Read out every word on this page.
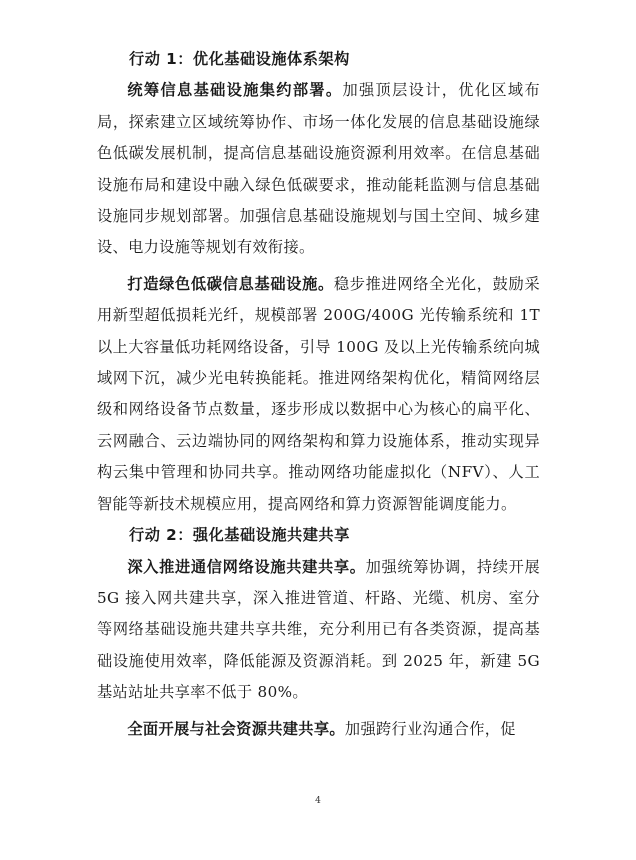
行动 1：优化基础设施体系架构

统筹信息基础设施集约部署。加强顶层设计，优化区域布局，探索建立区域统筹协作、市场一体化发展的信息基础设施绿色低碳发展机制，提高信息基础设施资源利用效率。在信息基础设施布局和建设中融入绿色低碳要求，推动能耗监测与信息基础设施同步规划部署。加强信息基础设施规划与国土空间、城乡建设、电力设施等规划有效衔接。

打造绿色低碳信息基础设施。稳步推进网络全光化，鼓励采用新型超低损耗光纤，规模部署 200G/400G 光传输系统和 1T 以上大容量低功耗网络设备，引导 100G 及以上光传输系统向城域网下沉，减少光电转换能耗。推进网络架构优化，精简网络层级和网络设备节点数量，逐步形成以数据中心为核心的扁平化、云网融合、云边端协同的网络架构和算力设施体系，推动实现异构云集中管理和协同共享。推动网络功能虚拟化（NFV）、人工智能等新技术规模应用，提高网络和算力资源智能调度能力。

行动 2：强化基础设施共建共享

深入推进通信网络设施共建共享。加强统筹协调，持续开展 5G 接入网共建共享，深入推进管道、杆路、光缆、机房、室分等网络基础设施共建共享共维，充分利用已有各类资源，提高基础设施使用效率，降低能源及资源消耗。到 2025 年，新建 5G 基站站址共享率不低于 80%。

全面开展与社会资源共建共享。加强跨行业沟通合作，促

4
